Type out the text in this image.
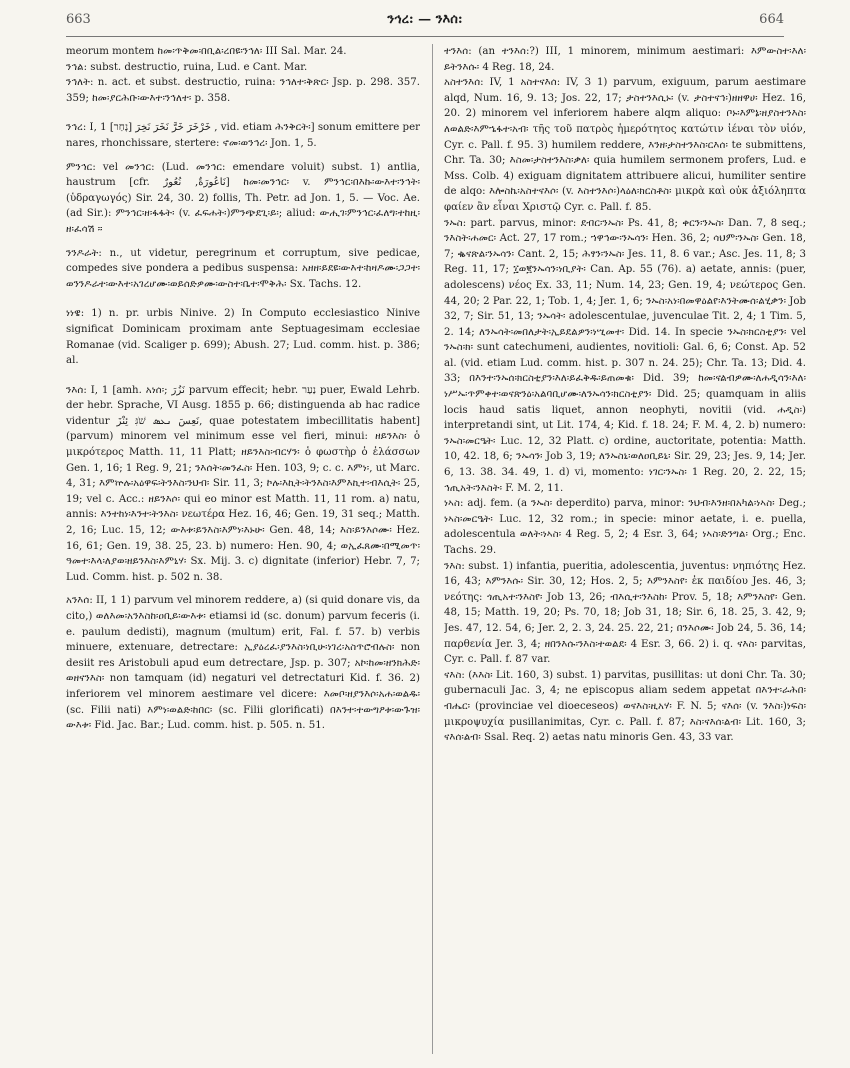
663	ንኅረ: — ንእሰ:	664

meorum montem ከመ፡ጥቅመ፡በቢል፡ረበዩ፡ንኅለ፡ III Sal. Mar. 24.

ንኅል: subst. destructio, ruina, Lud. e Cant. Mar.

ንኅለት: n. act. et subst. destructio, ruina: ንኅለተ፡ቅጽር፡ Jsp. p. 298. 357. 359; ከመ፡ያርሕቡ፡ውእተ፡ንኅለተ፡ p. 358.

ንኅረ: I, 1 [נָחַר] خَرْخَرَ خَرَّ نَخَرَ نَخِرَ , vid. etiam ሕንቅርት፡] sonum emittere per nares, rhonchissare, stertere: ኖመ፡ወንኅረ፡ Jon. 1, 5.

ምንኅር: vel መንኅር: (Lud. መንኅር: emendare voluit) subst. 1) antlia, haustrum [cfr. نَاعُورَةٌ, نُعُورٌ] ከመ፡መንኅር፡ v. ምንኅር፡በእኩ፡ውእተ፡ንኅት፡ (ὑδραγωγός) Sir. 24, 30. 2) follis, Th. Petr. ad Jon. 1, 5. — Voc. Ae. (ad Sir.): ምንኅር፡ዘ፡ፋፋት፡ (v. ፈፍሐት፡)ምንጭደጊ፡ይ፡; aliud: ውሒገ፡ምንኅር፡ፈለግ፡ተከዚ፡ዘ፡ፈሳሽ ።

ንንዶራት: n., ut videtur, peregrinum et corruptum, sive pedicae, compedes sive pondera a pedibus suspensa: አዘዘ፡ይደዩ፡ውእተ፡ከዛዶሙ፡ጋጋተ፡ወንንዶራተ፡ውእተ፡አገረሆሙ፡ወይሰድዎሙ፡ውስተ፡ቤተ፡ሞቅሕ፡ Sx. Tachs. 12.

ነነዌ: 1) n. pr. urbis Ninive. 2) In Computo ecclesiastico Ninive significat Dominicam proximam ante Septuagesimam ecclesiae Romanae (vid. Scaliger p. 699); Abush. 27; Lud. comm. hist. p. 386; al.

ንእሰ: I, 1 [amh. አነሰ፡; نَزُرَ parvum effecit; hebr. נַעַר puer, Ewald Lehrb. der hebr. Sprache, VI Ausg. 1855 p. 66; distinguenda ab hac radice videntur نَعِسَ ܢܥܣ שֹׁגִּ ئِنْزَ, quae potestatem imbecillitatis habent] (parvum) minorem vel minimum esse vel fieri, minui: ዘይንእስ፡ ὁ μικρότερος Matth. 11, 11 Platt; ዘይንእስ፡ብርሃን፡ ὁ φωστὴρ ὁ ἐλάσσων Gen. 1, 16; 1 Reg. 9, 21; ንእሰት፡መንፈስ፡ Hen. 103, 9; c. c. እምነ፡, ut Marc. 4, 31; እምኵሉ፡አዕዋፍ፡ትንእስ፡ንህብ፡ Sir. 11, 3; ኮሉ፡እኪት፡ትንእስ፡እምእኪተ፡ብእሲት፡ 25, 19; vel c. Acc.: ዘይንእሶ፡ qui eo minor est Matth. 11, 11 rom. a) natu, annis: እንተከነ፡እንተ፡ትንእስ፡ νεωτέρα Hez. 16, 46; Gen. 19, 31 seq.; Matth. 2, 16; Luc. 15, 12; ውእቱ፡ይንእስ፡እምነ፡እኑሁ፡ Gen. 48, 14; እስ፡ይንእሶሙ፡ Hez. 16, 61; Gen. 19, 38. 25, 23. b) numero: Hen. 90, 4; ወኢፈጸሙ፡በሚመጥ፡ዓመተ፡እላ፡ለያወ፡ዘይንእስ፡እምኒሃ፡ Sx. Mij. 3. c) dignitate (inferior) Hebr. 7, 7; Lud. Comm. hist. p. 502 n. 38.

አንእሰ: II, 1 1) parvum vel minorem reddere, a) (si quid donare vis, da cito,) ወለእመ፡አንእስከ፡ዐቢይ፡ውእቱ፡ etiamsi id (sc. donum) parvum feceris (i. e. paulum dedisti), magnum (multum) erit, Fal. f. 57. b) verbis minuere, extenuare, detrectare: ኢያዕረፈ፡ያንእስ፡ነቢሁ፡ነገረ፡አስጥሮብሉስ፡ non desiit res Aristobuli apud eum detrectare, Jsp. p. 307; አኮ፡ከመ፡ዘንክሕድ፡ወዘናንእስ፡ non tamquam (id) negaturi vel detrectaturi Kid. f. 36. 2) inferiorem vel minorem aestimare vel dicere: እመቦ፡ዘያንእሶ፡አሐ፡ወልዱ፡ (sc. Filii nati) እምነ፡ወልድ፡ከበር፡ (sc. Filii glorificati) በእንተ፡ተውግዖቱ፡ውጉዝ፡ውእቱ፡ Fid. Jac. Bar.; Lud. comm. hist. p. 505. n. 51.

ተንእሰ: (an ተንእሰ:?) III, 1 minorem, minimum aestimari: እምውስተ፡እለ፡ይትንእሱ፡ 4 Reg. 18, 24.

አስተንእሰ: IV, 1 አስተናእሰ: IV, 3 1) parvum, exiguum, parum aestimare alqd, Num. 16, 9. 13; Jos. 22, 17; ታስተንእሲኑ፡ (v. ታስተናኅ፡)ዘዘዋሀ፡ Hez. 16, 20. 2) minorem vel inferiorem habere alqm aliquo: ቦኑ፡እምኔ፡ዘያስተንእስ፡ለወልድ፡እምኄፋተ፡አብ፡ τῆς τοῦ πατρὸς ἡμερότητος κατώτιν ἱέναι τὸν υἱόν, Cyr. c. Pall. f. 95. 3) humilem reddere, እንዘ፡ታስተንእስ፡ርእሰ፡ te submittens, Chr. Ta. 30; እስመ፡ታስተንእስ፡ቃለ፡ quia humilem sermonem profers, Lud. e Mss. Colb. 4) exiguam dignitatem attribuere alicui, humiliter sentire de alqo: እሎስኬ፡አስተናእሶ፡ (v. እስተንእሶ፡)ላዕለ፡ክርስቶስ፡ μικρὰ καὶ οὐκ ἀξιόληπτα φαίεν ἂν εἶναι Χριστῷ Cyr. c. Pall. f. 85.

ንኡስ: part. parvus, minor: ደብር፡ንኡስ፡ Ps. 41, 8; ቀርን፡ንኡስ፡ Dan. 7, 8 seq.; ንእስት፡ሐመር፡ Act. 27, 17 rom.; ኀዋኅው፡ንኡሳን፡ Hen. 36, 2; ሳህም፡ንኡስ፡ Gen. 18, 7; ቈናጽል፡ንኡሳን፡ Cant. 2, 15; ሕፃን፡ንኡስ፡ Jes. 11, 8. 6 var.; Asc. Jes. 11, 8; 3 Reg. 11, 17; ፲ወ፪ንኡሳን፡ነቢያት፡ Can. Ap. 55 (76). a) aetate, annis: (puer, adolescens) νέος Ex. 33, 11; Num. 14, 23; Gen. 19, 4; νεώτερος Gen. 44, 20; 2 Par. 22, 1; Tob. 1, 4; Jer. 1, 6; ንኡስ፡አነ፡በመዋዕልየ፡እንትሙሰ፡ልሂቃን፡ Job 32, 7; Sir. 51, 13; ንኡሳት፡ adolescentulae, juvenculae Tit. 2, 4; 1 Tim. 5, 2. 14; ለንኡሳት፡መበለታት፡ኢይደልዎን፡ነሢመተ፡ Did. 14. In specie ንኡስ፡ክርስቲያን፡ vel ንኡስ፡ክ፡ sunt catechumeni, audientes, novitioli: Gal. 6, 6; Const. Ap. 52 al. (vid. etiam Lud. comm. hist. p. 307 n. 24. 25); Chr. Ta. 13; Did. 4. 33; በእንተ፡ንኡሰ፡ክርስቲያን፡እለ፡ይፈቅዱ፡ይጠመቁ፡ Did. 39; ከመ፡ናልብዎሙ፡ለሐዲሳን፡እለ፡ነሥኡ፡ጥምቀተ፡ወናጽንዕ፡አልባቢሆሙ፡ለንኡሳን፡ክርስቲያን፡ Did. 25; quamquam in aliis locis haud satis liquet, annon neophyti, novitii (vid. ሐዲስ፡) interpretandi sint, ut Lit. 174, 4; Kid. f. 18. 24; F. M. 4, 2. b) numero: ንኡስ፡መርዔት፡ Luc. 12, 32 Platt. c) ordine, auctoritate, potentia: Matth. 10, 42. 18, 6; ንኡሳን፡ Job 3, 19; ለንኡስኒ፡ወለዐቢይኒ፡ Sir. 29, 23; Jes. 9, 14; Jer. 6, 13. 38. 34. 49, 1. d) vi, momento: ነገር፡ንኡስ፡ 1 Reg. 20, 2. 22, 15; ኅጢአት፡ንእስት፡ F. M. 2, 11.

ነኣስ: adj. fem. (a ንኡስ፡ deperdito) parva, minor: ንህብ፡እንዘ፡በአካል፡ነኣስ፡ Deg.; ነኣስ፡መርዔት፡ Luc. 12, 32 rom.; in specie: minor aetate, i. e. puella, adolescentula ወለት፡ነኣስ፡ 4 Reg. 5, 2; 4 Esr. 3, 64; ነኣስ፡ድንግል፡ Org.; Enc. Tachs. 29.

ንእስ: subst. 1) infantia, pueritia, adolescentia, juventus: νηπιότης Hez. 16, 43; እምንእሱ፡ Sir. 30, 12; Hos. 2, 5; እምንእስየ፡ ἐκ παιδίου Jes. 46, 3; νεότης: ጎጢአተ፡ንእስየ፡ Job 13, 26; ብእሲተ፡ንእስከ፡ Prov. 5, 18; እምንእስየ፡ Gen. 48, 15; Matth. 19, 20; Ps. 70, 18; Job 31, 18; Sir. 6, 18. 25, 3. 42, 9; Jes. 47, 12. 54, 6; Jer. 2, 2. 3, 24. 25. 22, 21; በንእሶሙ፡ Job 24, 5. 36, 14; παρθενία Jer. 3, 4; ዘበንእሱ፡ንእስ፡ተወልደ፡ 4 Esr. 3, 66. 2) i. q. ናእስ፡ parvitas, Cyr. c. Pall. f. 87 var.

ናእስ: (እእስ፡ Lit. 160, 3) subst. 1) parvitas, pusillitas: ut doni Chr. Ta. 30; gubernaculi Jac. 3, 4; ne episcopus aliam sedem appetat በእንተ፡ራሕበ፡ብሔር፡ (provinciae vel dioeceseos) ወናእስ፡ዚአሃ፡ F. N. 5; ናእሰ፡ (v. ንእስ፡)ነፍስ፡ μικροψυχία pusillanimitas, Cyr. c. Pall. f. 87; እስ፡ናእሰ፡ልብ፡ Lit. 160, 3; ናእሰ፡ልብ፡ Ssal. Req. 2) aetas natu minoris Gen. 43, 33 var.
